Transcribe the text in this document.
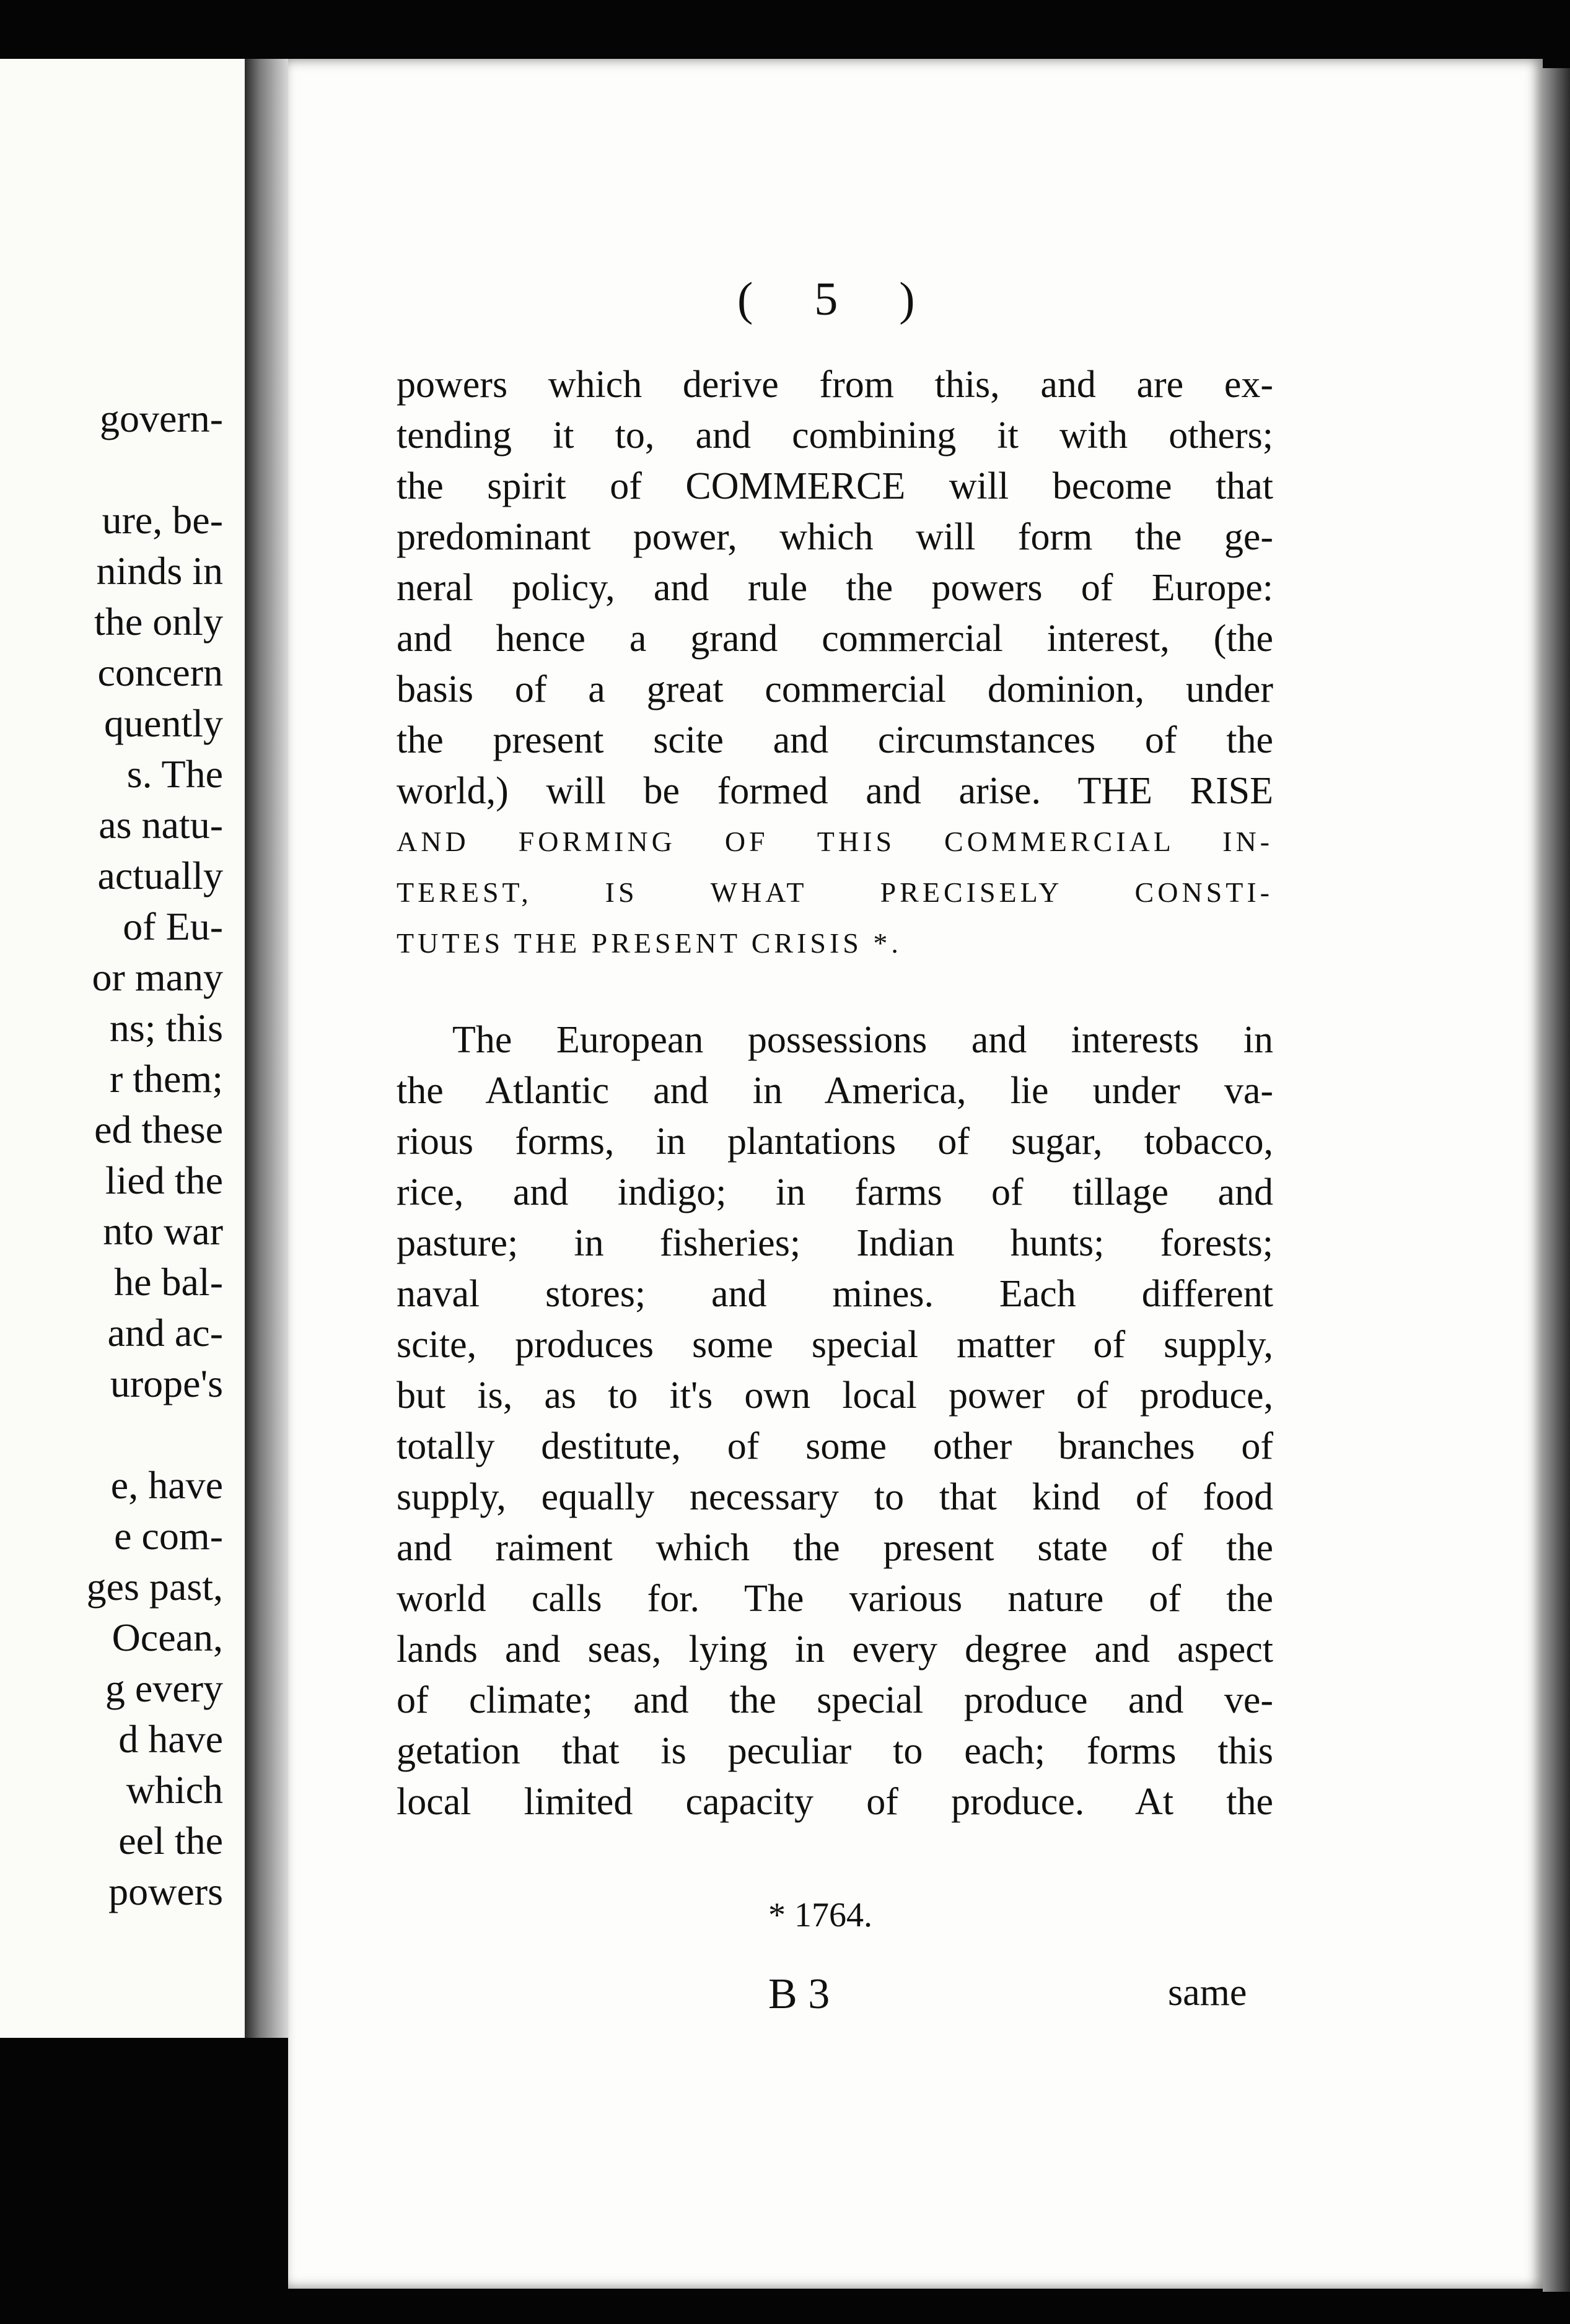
govern-
ure, be-
ninds in
the only
concern
quently
s. The
as natu-
actually
of Eu-
or many
ns; this
r them;
ed these
lied the
nto war
he bal-
and ac-
urope's
e, have
e com-
ges past,
Ocean,
g every
d have
which
eel the
powers
( 5 )
powers which derive from this, and are ex-
tending it to, and combining it with others;
the spirit of COMMERCE will become that
predominant power, which will form the ge-
neral policy, and rule the powers of Europe:
and hence a grand commercial interest, (the
basis of a great commercial dominion, under
the present scite and circumstances of the
world,) will be formed and arise. THE RISE
AND FORMING OF THIS COMMERCIAL IN-
TEREST, IS WHAT PRECISELY CONSTI-
TUTES THE PRESENT CRISIS *.
The European possessions and interests in
the Atlantic and in America, lie under va-
rious forms, in plantations of sugar, tobacco,
rice, and indigo; in farms of tillage and
pasture; in fisheries; Indian hunts; forests;
naval stores; and mines. Each different
scite, produces some special matter of supply,
but is, as to it's own local power of produce,
totally destitute, of some other branches of
supply, equally necessary to that kind of food
and raiment which the present state of the
world calls for. The various nature of the
lands and seas, lying in every degree and aspect
of climate; and the special produce and ve-
getation that is peculiar to each; forms this
local limited capacity of produce. At the
* 1764.
B 3	same
